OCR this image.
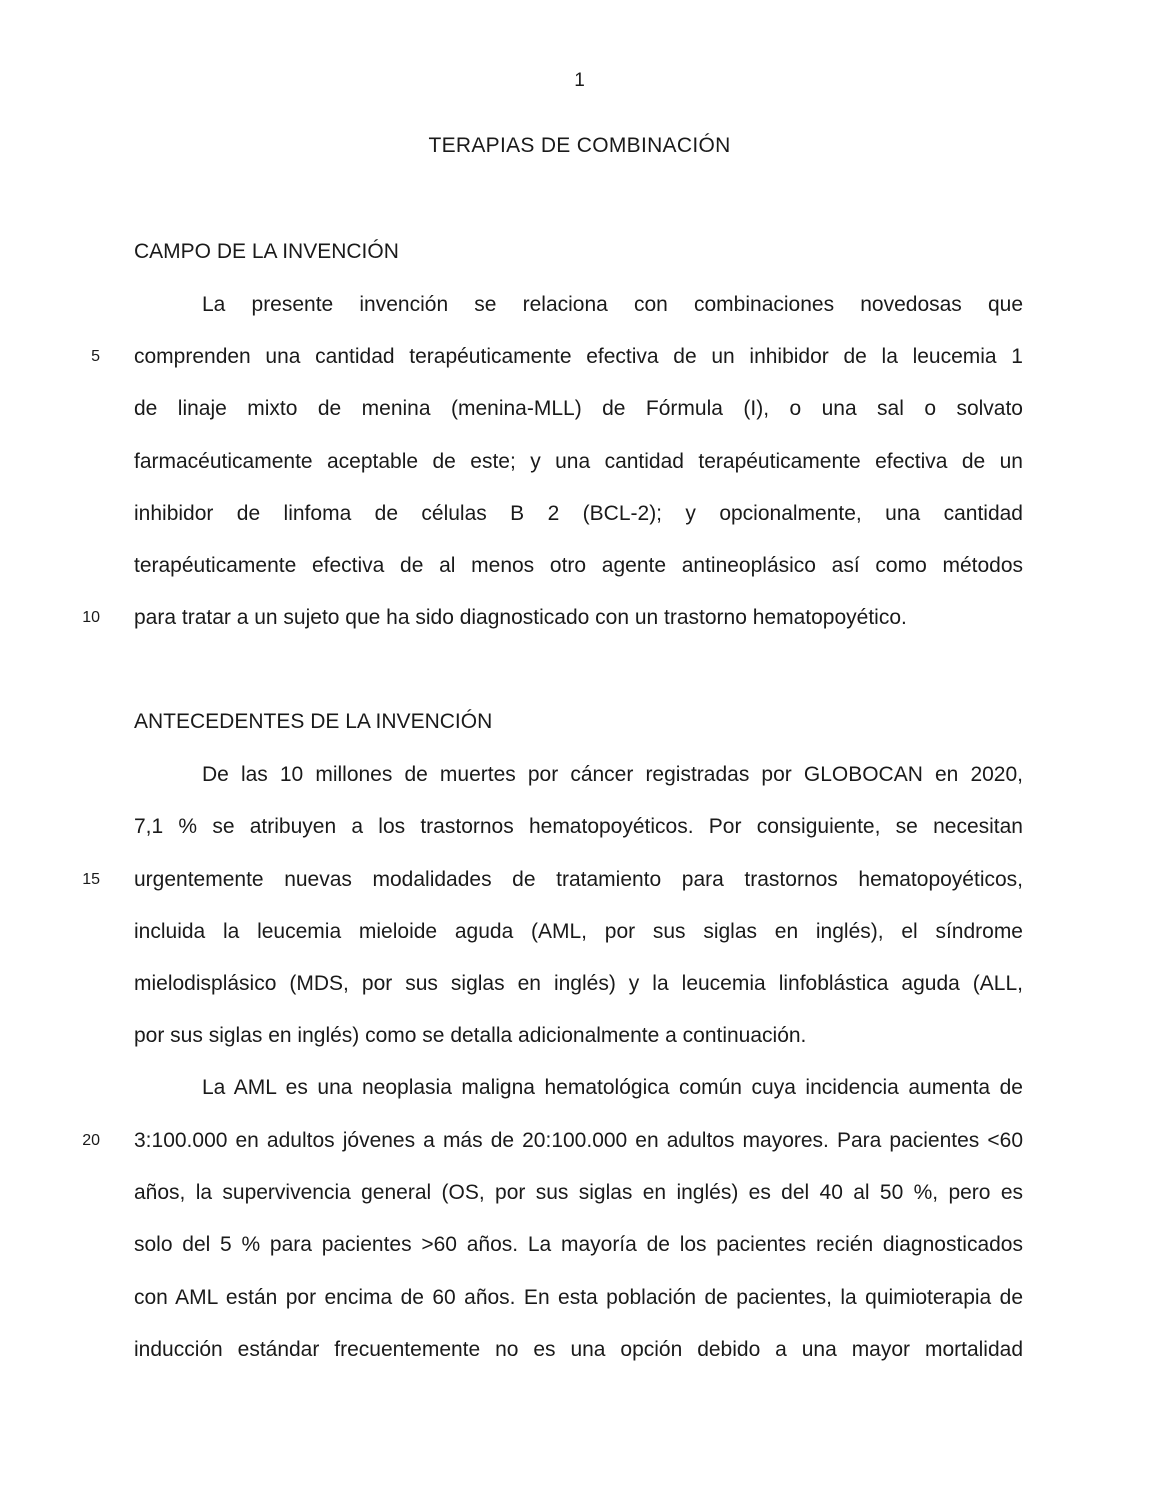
1
TERAPIAS DE COMBINACIÓN
CAMPO DE LA INVENCIÓN
La presente invención se relaciona con combinaciones novedosas que
comprenden una cantidad terapéuticamente efectiva de un inhibidor de la leucemia 1
de linaje mixto de menina (menina-MLL) de Fórmula (I), o una sal o solvato
farmacéuticamente aceptable de este; y una cantidad terapéuticamente efectiva de un
inhibidor de linfoma de células B 2 (BCL-2); y opcionalmente, una cantidad
terapéuticamente efectiva de al menos otro agente antineoplásico así como métodos
para tratar a un sujeto que ha sido diagnosticado con un trastorno hematopoyético.
ANTECEDENTES DE LA INVENCIÓN
De las 10 millones de muertes por cáncer registradas por GLOBOCAN en 2020,
7,1 % se atribuyen a los trastornos hematopoyéticos. Por consiguiente, se necesitan
urgentemente nuevas modalidades de tratamiento para trastornos hematopoyéticos,
incluida la leucemia mieloide aguda (AML, por sus siglas en inglés), el síndrome
mielodisplásico (MDS, por sus siglas en inglés) y la leucemia linfoblástica aguda (ALL,
por sus siglas en inglés) como se detalla adicionalmente a continuación.
La AML es una neoplasia maligna hematológica común cuya incidencia aumenta de
3:100.000 en adultos jóvenes a más de 20:100.000 en adultos mayores. Para pacientes <60
años, la supervivencia general (OS, por sus siglas en inglés) es del 40 al 50 %, pero es
solo del 5 % para pacientes >60 años. La mayoría de los pacientes recién diagnosticados
con AML están por encima de 60 años. En esta población de pacientes, la quimioterapia de
inducción estándar frecuentemente no es una opción debido a una mayor mortalidad
5
10
15
20
